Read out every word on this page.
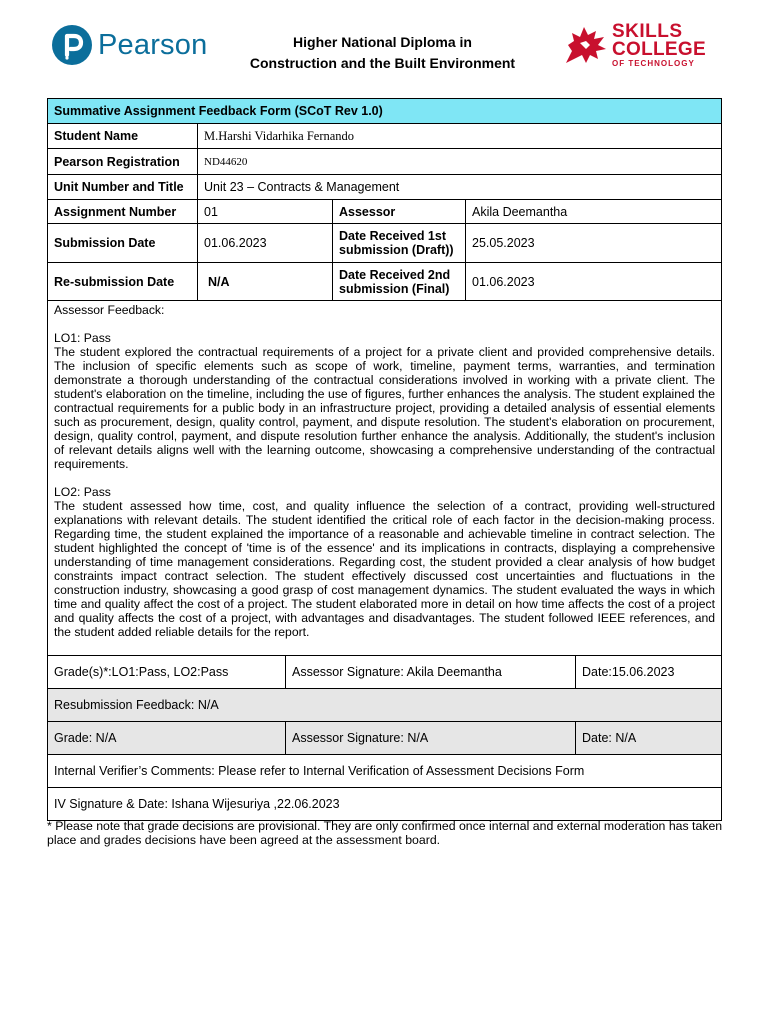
Pearson	Higher National Diploma in
Construction and the Built Environment
SKILLS
COLLEGE
OF TECHNOLOGY
Summative Assignment Feedback Form (SCoT Rev 1.0)			
Student Name	M.Harshi Vidarhika Fernando		
Pearson Registration	ND44620		
Unit Number and Title	Unit 23 – Contracts & Management		
Assignment Number	01	Assessor	Akila Deemantha
Submission Date	01.06.2023	Date Received 1st submission (Draft))	25.05.2023
Re-submission Date	N/A	Date Received 2nd submission (Final)	01.06.2023

Assessor Feedback:
LO1: Pass

The student explored the contractual requirements of a project for a private client and provided comprehensive details. The inclusion of specific elements such as scope of work, timeline, payment terms, warranties, and termination demonstrate a thorough understanding of the contractual considerations involved in working with a private client. The student's elaboration on the timeline, including the use of figures, further enhances the analysis. The student explained the contractual requirements for a public body in an infrastructure project, providing a detailed analysis of essential elements such as procurement, design, quality control, payment, and dispute resolution. The student's elaboration on procurement, design, quality control, payment, and dispute resolution further enhance the analysis. Additionally, the student's inclusion of relevant details aligns well with the learning outcome, showcasing a comprehensive understanding of the contractual requirements.

LO2: Pass

The student assessed how time, cost, and quality influence the selection of a contract, providing well-structured explanations with relevant details. The student identified the critical role of each factor in the decision-making process. Regarding time, the student explained the importance of a reasonable and achievable timeline in contract selection. The student highlighted the concept of 'time is of the essence' and its implications in contracts, displaying a comprehensive understanding of time management considerations. Regarding cost, the student provided a clear analysis of how budget constraints impact contract selection. The student effectively discussed cost uncertainties and fluctuations in the construction industry, showcasing a good grasp of cost management dynamics. The student evaluated the ways in which time and quality affect the cost of a project. The student elaborated more in detail on how time affects the cost of a project and quality affects the cost of a project, with advantages and disadvantages. The student followed IEEE references, and the student added reliable details for the report.			

Grade(s)*:LO1:Pass, LO2:Pass	Assessor Signature: Akila Deemantha	Date:15.06.2023
Resubmission Feedback: N/A		
Grade: N/A	Assessor Signature: N/A	Date: N/A
Internal Verifier’s Comments: Please refer to Internal Verification of Assessment Decisions Form		
IV Signature & Date: Ishana Wijesuriya ,22.06.2023		
* Please note that grade decisions are provisional. They are only confirmed once internal and external moderation has taken place and grades decisions have been agreed at the assessment board.
